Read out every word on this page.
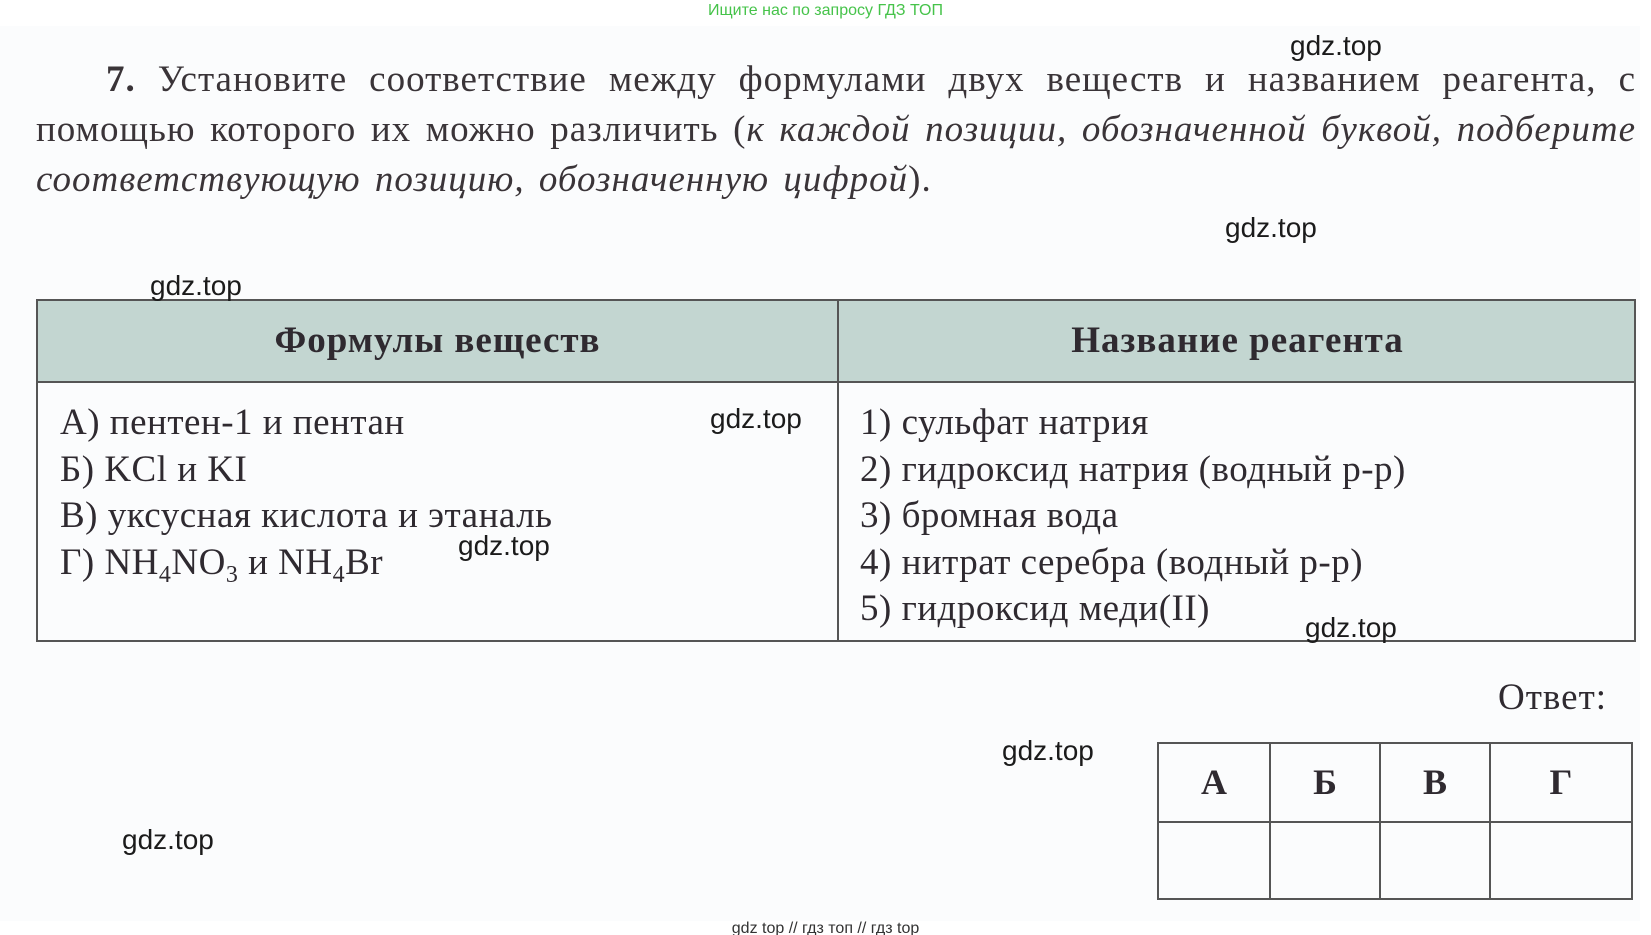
Ищите нас по запросу ГДЗ ТОП
7. Установите соответствие между формулами двух веществ и названием реагента, с помощью которого их можно различить (к каждой позиции, обозначенной буквой, подберите соответствующую позицию, обозначенную цифрой).
Формулы веществ	Название реагента
А) пентен-1 и пентан
Б) KCl и KI
В) уксусная кислота и этаналь
Г) $NH_4NO_3$ и $NH_4Br$
1) сульфат натрия
2) гидроксид натрия (водный р-р)
3) бромная вода
4) нитрат серебра (водный р-р)
5) гидроксид меди(II)
Ответ:
А	Б	В	Г
gdz.top
gdz.top
gdz.top
gdz.top
gdz.top
gdz.top
gdz.top
gdz.top
gdz top // гдз топ // гдз top
